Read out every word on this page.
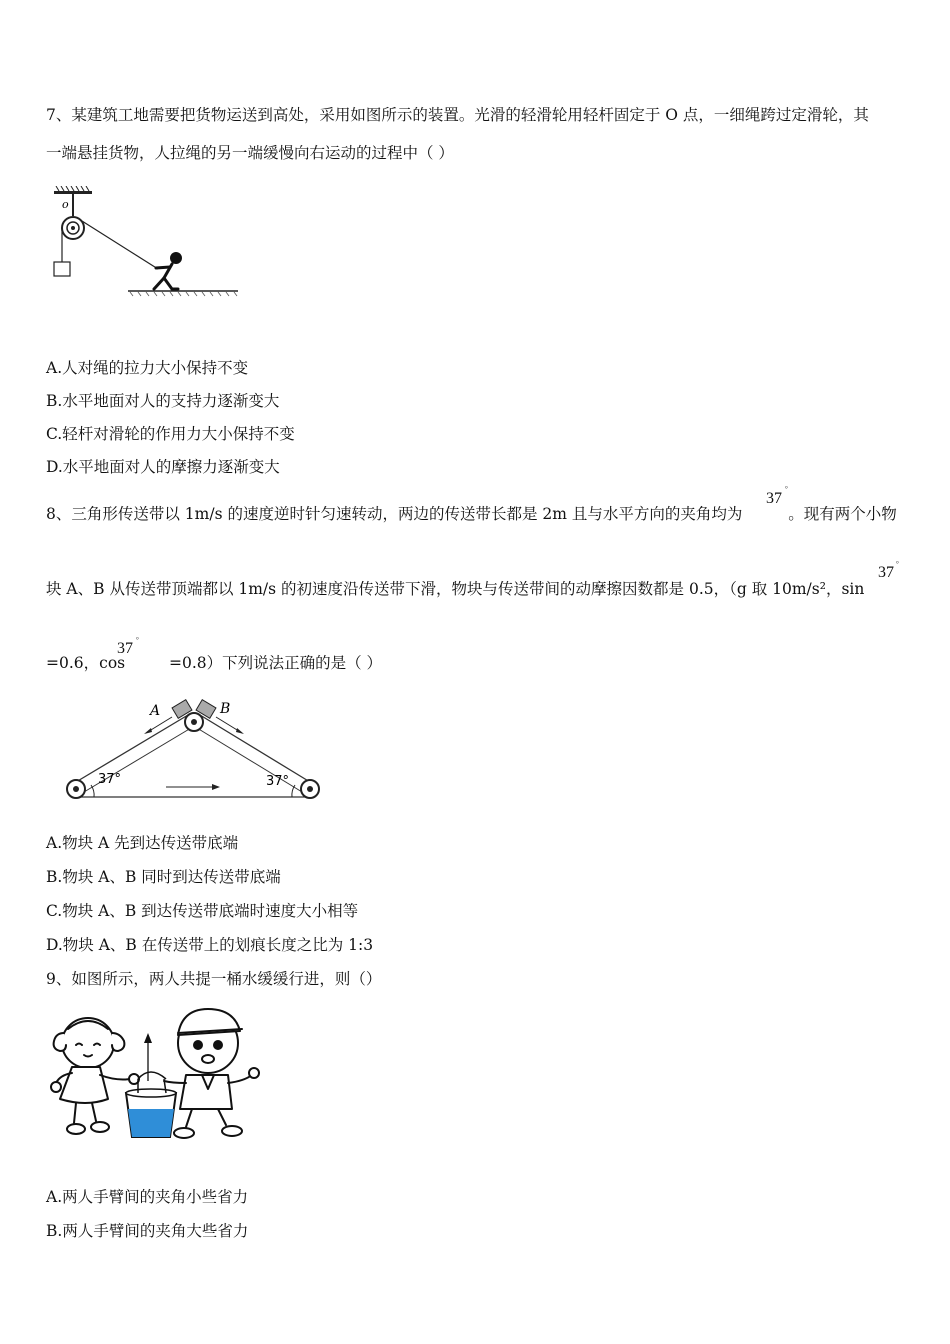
7、某建筑工地需要把货物运送到高处，采用如图所示的装置。光滑的轻滑轮用轻杆固定于 O 点，一细绳跨过定滑轮，其
一端悬挂货物，人拉绳的另一端缓慢向右运动的过程中（ ）
o
A.人对绳的拉力大小保持不变
B.水平地面对人的支持力逐渐变大
C.轻杆对滑轮的作用力大小保持不变
D.水平地面对人的摩擦力逐渐变大
8、三角形传送带以 1m/s 的速度逆时针匀速转动，两边的传送带长都是 2m 且与水平方向的夹角均为	。现有两个小物
37
°
块 A、B 从传送带顶端都以 1m/s 的初速度沿传送带下滑，物块与传送带间的动摩擦因数都是 0.5，（g 取 10m/s²，sin
37 °
=0.6，cos	=0.8）下列说法正确的是（ ）
37 °
A	B
37°	37°
A.物块 A 先到达传送带底端
B.物块 A、B 同时到达传送带底端
C.物块 A、B 到达传送带底端时速度大小相等
D.物块 A、B 在传送带上的划痕长度之比为 1:3
9、如图所示，两人共提一桶水缓缓行进，则（）
A.两人手臂间的夹角小些省力
B.两人手臂间的夹角大些省力
